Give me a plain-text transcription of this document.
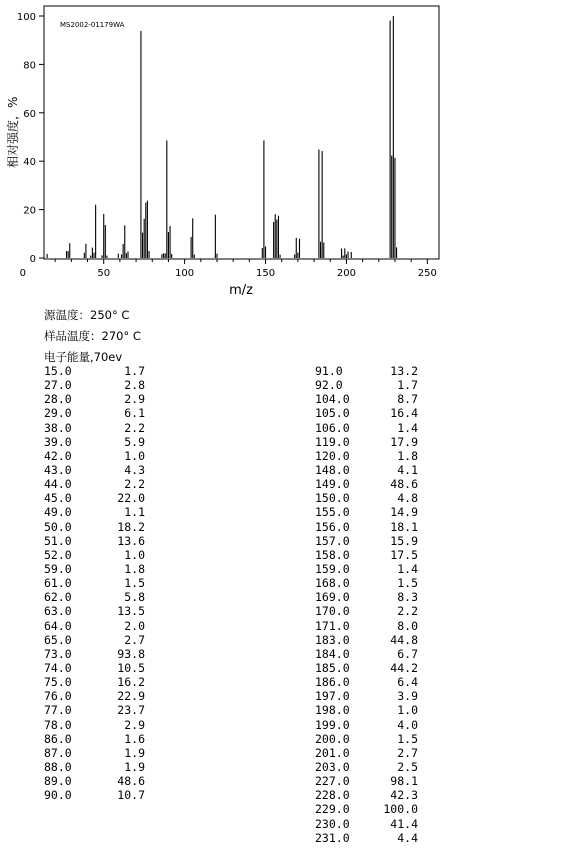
MS2002-01179WA
相对强度，%
m/z
0
20
40
60
80
100
0	50	100	150	200	250
源温度：250° C
样品温度：270° C
电子能量,70ev
15.0	1.7
27.0	2.8
28.0	2.9
29.0	6.1
38.0	2.2
39.0	5.9
42.0	1.0
43.0	4.3
44.0	2.2
45.0	22.0
49.0	1.1
50.0	18.2
51.0	13.6
52.0	1.0
59.0	1.8
61.0	1.5
62.0	5.8
63.0	13.5
64.0	2.0
65.0	2.7
73.0	93.8
74.0	10.5
75.0	16.2
76.0	22.9
77.0	23.7
78.0	2.9
86.0	1.6
87.0	1.9
88.0	1.9
89.0	48.6
90.0	10.7
91.0	13.2
92.0	1.7
104.0	8.7
105.0	16.4
106.0	1.4
119.0	17.9
120.0	1.8
148.0	4.1
149.0	48.6
150.0	4.8
155.0	14.9
156.0	18.1
157.0	15.9
158.0	17.5
159.0	1.4
168.0	1.5
169.0	8.3
170.0	2.2
171.0	8.0
183.0	44.8
184.0	6.7
185.0	44.2
186.0	6.4
197.0	3.9
198.0	1.0
199.0	4.0
200.0	1.5
201.0	2.7
203.0	2.5
227.0	98.1
228.0	42.3
229.0	100.0
230.0	41.4
231.0	4.4
